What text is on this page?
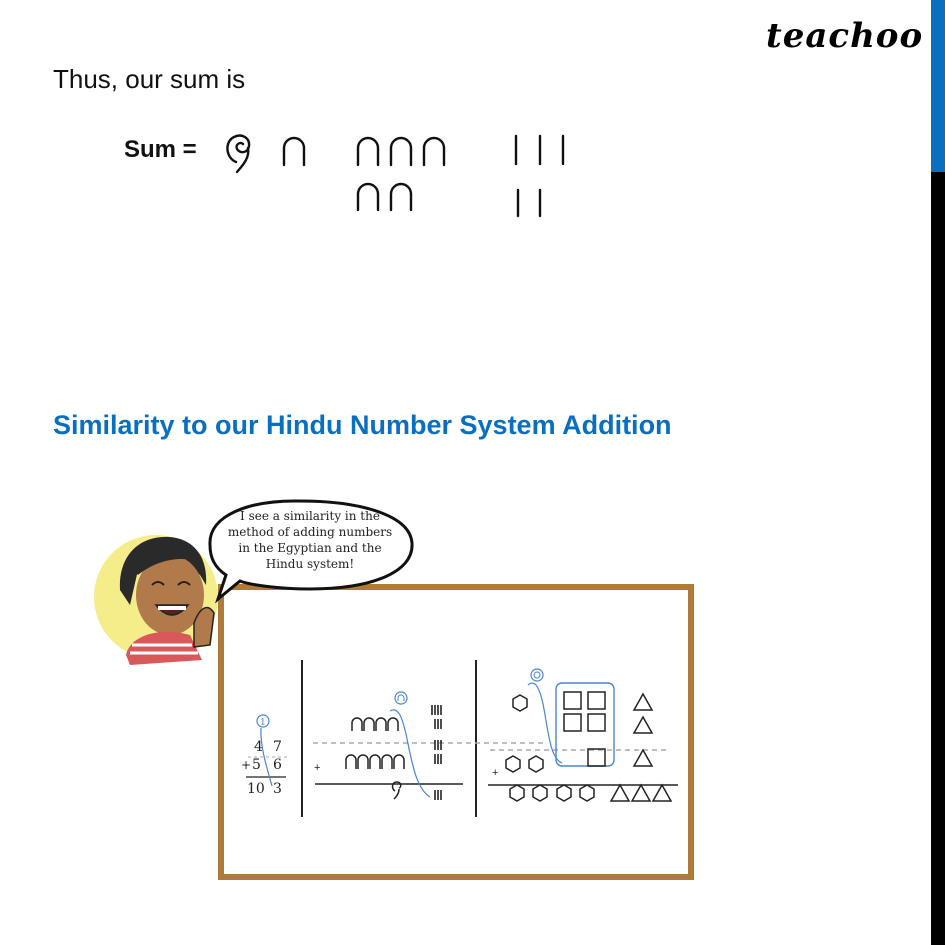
teachoo
Thus, our sum is
Sum =
Similarity to our Hindu Number System Addition
I see a similarity in the
method of adding numbers
in the Egyptian and the
Hindu system!
1
4 7
+ 5 6
10 3
+	+
